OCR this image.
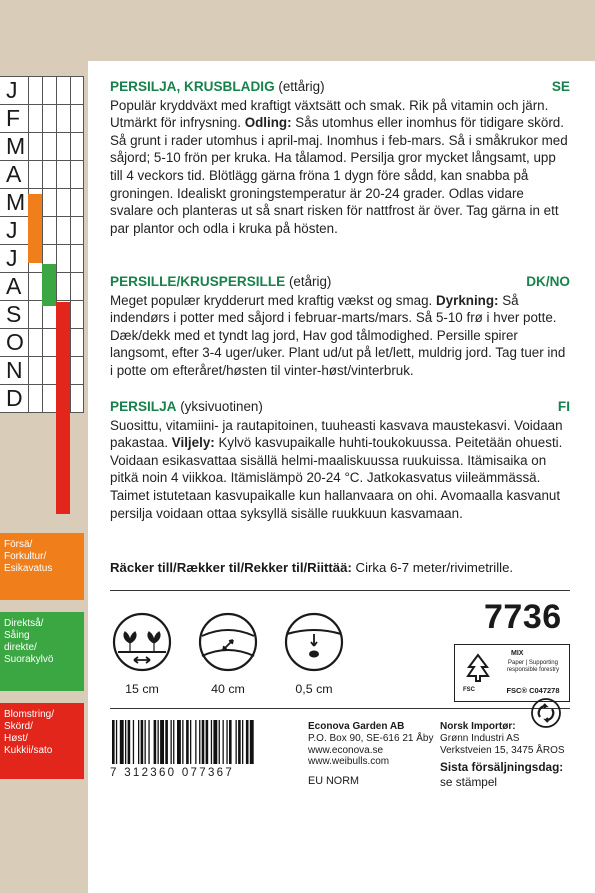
J
F
M
A
M
J
J
A
S
O
N
D
Försä/
Forkultur/
Esikavatus
Direktså/
Såing
direkte/
Suorakylvö
Blomstring/
Skörd/
Høst/
Kukkii/sato
PERSILJA, KRUSBLADIG (ettårig)	SE

Populär kryddväxt med kraftigt växtsätt och smak. Rik på vitamin och järn. Utmärkt för infrysning. Odling: Sås utomhus eller inomhus för tidigare skörd. Så grunt i rader utomhus i april-maj. Inomhus i feb-mars. Så i småkrukor med såjord; 5-10 frön per kruka. Ha tålamod. Persilja gror mycket långsamt, upp till 4 veckors tid. Blötlägg gärna fröna 1 dygn före sådd, kan snabba på groningen. Idealiskt groningstemperatur är 20-24 grader. Odlas vidare svalare och planteras ut så snart risken för nattfrost är över. Tag gärna in ett par plantor och odla i kruka på hösten.

PERSILLE/KRUSPERSILLE (etårig)	DK/NO

Meget populær krydderurt med kraftig vækst og smag. Dyrkning: Så indendørs i potter med såjord i februar-marts/mars. Så 5-10 frø i hver potte. Dæk/dekk med et tyndt lag jord, Hav god tålmodighed. Persille spirer langsomt, efter 3-4 uger/uker. Plant ud/ut på let/lett, muldrig jord. Tag tuer ind i potte om efteråret/høsten til vinter-høst/vinterbruk.

PERSILJA (yksivuotinen)	FI

Suosittu, vitamiini- ja rautapitoinen, tuuheasti kasvava maustekasvi. Voidaan pakastaa. Viljely: Kylvö kasvupaikalle huhti-toukokuussa. Peitetään ohuesti. Voidaan esikasvattaa sisällä helmi-maaliskuussa ruukuissa. Itämisaika on pitkä noin 4 viikkoa. Itämislämpö 20-24 °C. Jatkokasvatus viileämmässä. Taimet istutetaan kasvupaikalle kun hallanvaara on ohi. Avomaalla kasvanut persilja voidaan ottaa syksyllä sisälle ruukkuun kasvamaan.

Räcker till/Rækker til/Rekker til/Riittää: Cirka 6-7 meter/rivimetrille.
15 cm	40 cm	0,5 cm
7736
FSC
MIX
Paper | Supporting responsible forestry
FSC® C047278
7 312360 077367
Econova Garden AB
P.O. Box 90, SE-616 21 Åby
www.econova.se
www.weibulls.com
EU NORM
Norsk Importør:
Grønn Industri AS
Verkstveien 15, 3475 ÅROS
Sista försäljningsdag:
se stämpel
